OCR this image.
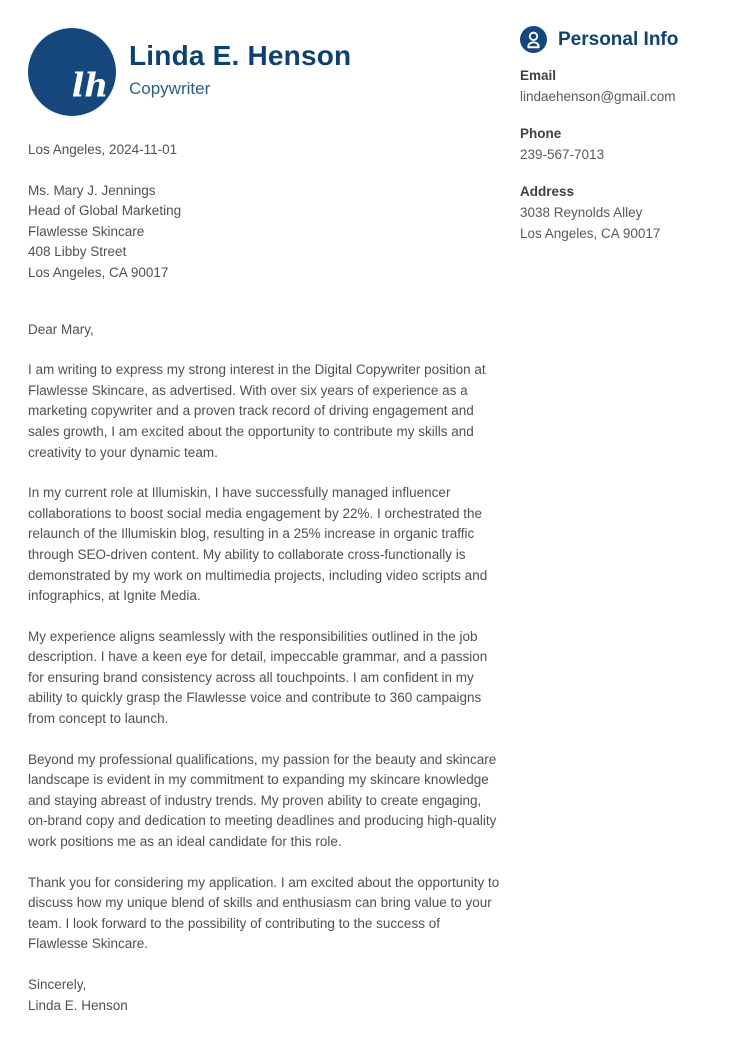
lh
Linda E. Henson
Copywriter
Personal Info
Email
lindaehenson@gmail.com
Phone
239-567-7013
Address
3038 Reynolds Alley
Los Angeles, CA 90017

Los Angeles, 2024-11-01

Ms. Mary J. Jennings
Head of Global Marketing
Flawlesse Skincare
408 Libby Street
Los Angeles, CA 90017

Dear Mary,

I am writing to express my strong interest in the Digital Copywriter position at Flawlesse Skincare, as advertised. With over six years of experience as a marketing copywriter and a proven track record of driving engagement and sales growth, I am excited about the opportunity to contribute my skills and creativity to your dynamic team.

In my current role at Illumiskin, I have successfully managed influencer collaborations to boost social media engagement by 22%. I orchestrated the relaunch of the Illumiskin blog, resulting in a 25% increase in organic traffic through SEO-driven content. My ability to collaborate cross-functionally is demonstrated by my work on multimedia projects, including video scripts and infographics, at Ignite Media.

My experience aligns seamlessly with the responsibilities outlined in the job description. I have a keen eye for detail, impeccable grammar, and a passion for ensuring brand consistency across all touchpoints. I am confident in my ability to quickly grasp the Flawlesse voice and contribute to 360 campaigns from concept to launch.

Beyond my professional qualifications, my passion for the beauty and skincare landscape is evident in my commitment to expanding my skincare knowledge and staying abreast of industry trends. My proven ability to create engaging, on-brand copy and dedication to meeting deadlines and producing high-quality work positions me as an ideal candidate for this role.

Thank you for considering my application. I am excited about the opportunity to discuss how my unique blend of skills and enthusiasm can bring value to your team. I look forward to the possibility of contributing to the success of Flawlesse Skincare.

Sincerely,

Linda E. Henson
